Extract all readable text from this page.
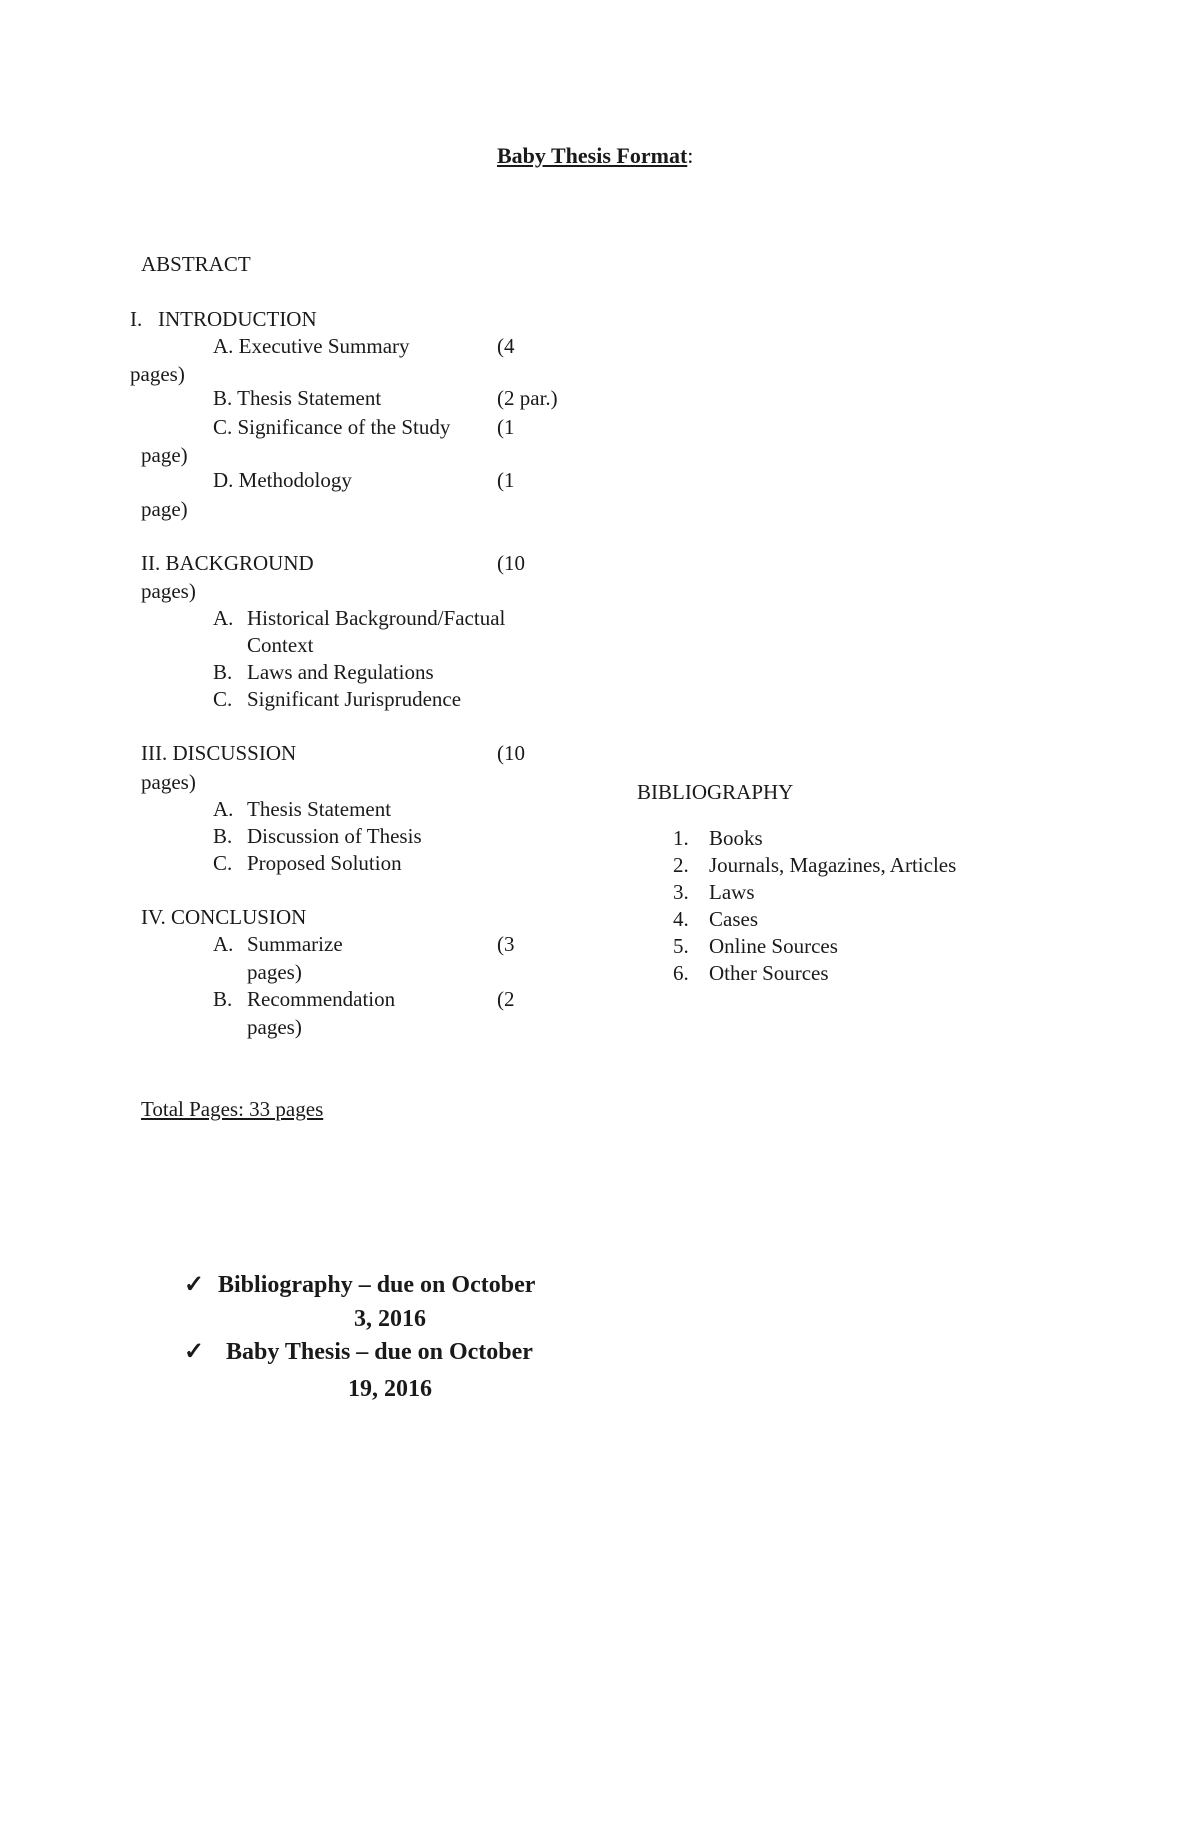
Baby Thesis Format:
ABSTRACT
I.   INTRODUCTION
A. Executive Summary	(4
pages)
B. Thesis Statement	(2 par.)
C. Significance of the Study (1
page)
D. Methodology	(1
page)
II. BACKGROUND	(10
pages)
A. Historical Background/Factual
Context
B. Laws and Regulations
C. Significant Jurisprudence
III. DISCUSSION	(10
pages)
A. Thesis Statement
B. Discussion of Thesis
C. Proposed Solution
IV. CONCLUSION
A. Summarize	(3
pages)
B. Recommendation	(2
pages)
Total Pages: 33 pages
BIBLIOGRAPHY
1. Books
2. Journals, Magazines, Articles
3. Laws
4. Cases
5. Online Sources
6. Other Sources
✓ Bibliography – due on October
3, 2016
✓ Baby Thesis – due on October
19, 2016
